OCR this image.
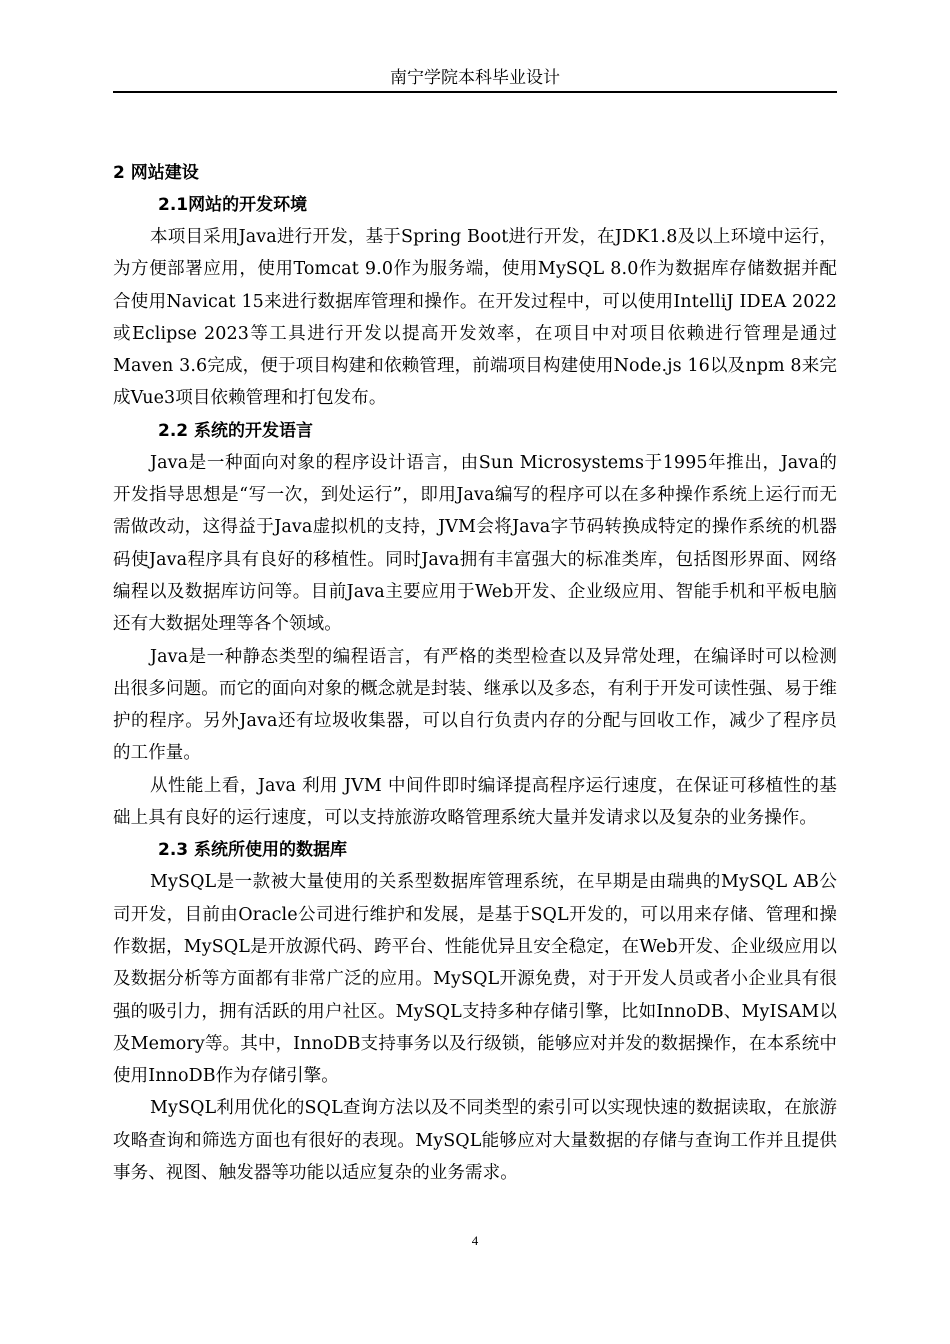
南宁学院本科毕业设计
2 网站建设
2.1网站的开发环境

本项目采用Java进行开发，基于Spring Boot进行开发，在JDK1.8及以上环境中运行，为方便部署应用，使用Tomcat 9.0作为服务端，使用MySQL 8.0作为数据库存储数据并配合使用Navicat 15来进行数据库管理和操作。在开发过程中，可以使用IntelliJ IDEA 2022或Eclipse 2023等工具进行开发以提高开发效率，在项目中对项目依赖进行管理是通过Maven 3.6完成，便于项目构建和依赖管理，前端项目构建使用Node.js 16以及npm 8来完成Vue3项目依赖管理和打包发布。

2.2 系统的开发语言

Java是一种面向对象的程序设计语言，由Sun Microsystems于1995年推出，Java的开发指导思想是“写一次，到处运行”，即用Java编写的程序可以在多种操作系统上运行而无需做改动，这得益于Java虚拟机的支持，JVM会将Java字节码转换成特定的操作系统的机器码使Java程序具有良好的移植性。同时Java拥有丰富强大的标准类库，包括图形界面、网络编程以及数据库访问等。目前Java主要应用于Web开发、企业级应用、智能手机和平板电脑还有大数据处理等各个领域。

Java是一种静态类型的编程语言，有严格的类型检查以及异常处理，在编译时可以检测出很多问题。而它的面向对象的概念就是封装、继承以及多态，有利于开发可读性强、易于维护的程序。另外Java还有垃圾收集器，可以自行负责内存的分配与回收工作，减少了程序员的工作量。

从性能上看，Java 利用 JVM 中间件即时编译提高程序运行速度，在保证可移植性的基础上具有良好的运行速度，可以支持旅游攻略管理系统大量并发请求以及复杂的业务操作。

2.3 系统所使用的数据库

MySQL是一款被大量使用的关系型数据库管理系统，在早期是由瑞典的MySQL AB公司开发，目前由Oracle公司进行维护和发展，是基于SQL开发的，可以用来存储、管理和操作数据，MySQL是开放源代码、跨平台、性能优异且安全稳定，在Web开发、企业级应用以及数据分析等方面都有非常广泛的应用。MySQL开源免费，对于开发人员或者小企业具有很强的吸引力，拥有活跃的用户社区。MySQL支持多种存储引擎，比如InnoDB、MyISAM以及Memory等。其中，InnoDB支持事务以及行级锁，能够应对并发的数据操作，在本系统中使用InnoDB作为存储引擎。

MySQL利用优化的SQL查询方法以及不同类型的索引可以实现快速的数据读取，在旅游攻略查询和筛选方面也有很好的表现。MySQL能够应对大量数据的存储与查询工作并且提供事务、视图、触发器等功能以适应复杂的业务需求。

4
